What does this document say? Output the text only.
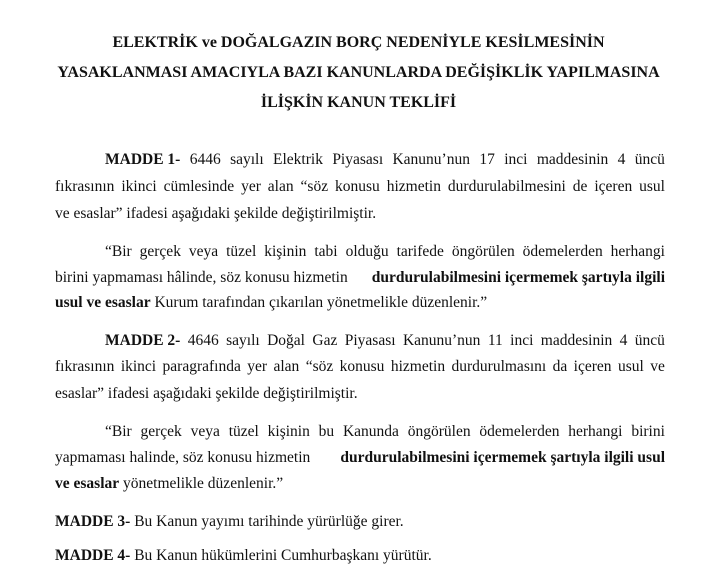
ELEKTRİK ve DOĞALGAZIN BORÇ NEDENİYLE KESİLMESİNİN
YASAKLANMASI AMACIYLA BAZI KANUNLARDA DEĞİŞİKLİK YAPILMASINA
İLİŞKİN KANUN TEKLİFİ
MADDE 1- 6446 sayılı Elektrik Piyasası Kanunu’nun 17 inci maddesinin 4 üncü
fıkrasının ikinci cümlesinde yer alan “söz konusu hizmetin durdurulabilmesini de içeren usul

ve esaslar” ifadesi aşağıdaki şekilde değiştirilmiştir.

“Bir gerçek veya tüzel kişinin tabi olduğu tarifede öngörülen ödemelerden herhangi
birini yapmaması hâlinde, söz konusu hizmetin durdurulabilmesini içermemek şartıyla ilgili

usul ve esaslar Kurum tarafından çıkarılan yönetmelikle düzenlenir.”

MADDE 2- 4646 sayılı Doğal Gaz Piyasası Kanunu’nun 11 inci maddesinin 4 üncü
fıkrasının ikinci paragrafında yer alan “söz konusu hizmetin durdurulmasını da içeren usul ve

esaslar” ifadesi aşağıdaki şekilde değiştirilmiştir.

“Bir gerçek veya tüzel kişinin bu Kanunda öngörülen ödemelerden herhangi birini
yapmaması halinde, söz konusu hizmetin durdurulabilmesini içermemek şartıyla ilgili usul

ve esaslar yönetmelikle düzenlenir.”

MADDE 3- Bu Kanun yayımı tarihinde yürürlüğe girer.

MADDE 4- Bu Kanun hükümlerini Cumhurbaşkanı yürütür.
